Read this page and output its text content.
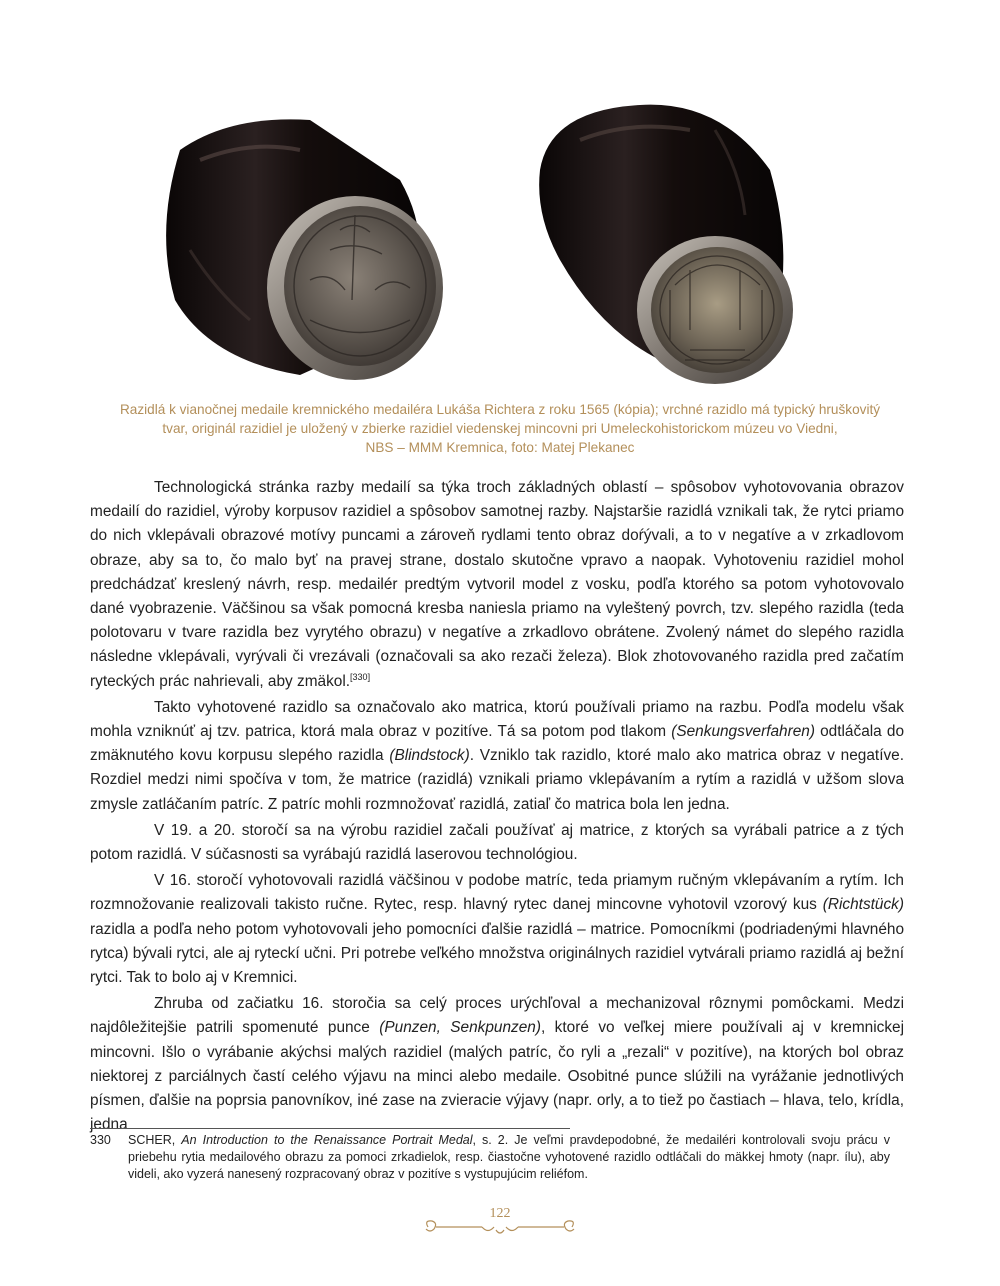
Razidlá k vianočnej medaile kremnického medailéra Lukáša Richtera z roku 1565 (kópia); vrchné razidlo má typický hruškovitý
tvar, originál razidiel je uložený v zbierke razidiel viedenskej mincovni pri Umeleckohistorickom múzeu vo Viedni,
NBS – MMM Kremnica, foto: Matej Plekanec

Technologická stránka razby medailí sa týka troch základných oblastí – spôsobov vyhotovovania obrazov medailí do razidiel, výroby korpusov razidiel a spôsobov samotnej razby. Najstaršie razidlá vznikali tak, že rytci priamo do nich vklepávali obrazové motívy puncami a zároveň rydlami tento obraz doŕývali, a to v negatíve a v zrkadlovom obraze, aby sa to, čo malo byť na pravej strane, dostalo skutočne vpravo a naopak. Vyhotoveniu razidiel mohol predchádzať kreslený návrh, resp. medailér predtým vytvoril model z vosku, podľa ktorého sa potom vyhotovovalo dané vyobrazenie. Väčšinou sa však pomocná kresba naniesla priamo na vyleštený povrch, tzv. slepého razidla (teda polotovaru v tvare razidla bez vyrytého obrazu) v negatíve a zrkadlovo obrátene. Zvolený námet do slepého razidla následne vklepávali, vyrývali či vrezávali (označovali sa ako rezači železa). Blok zhotovovaného razidla pred začatím ryteckých prác nahrievali, aby zmäkol.[330]

Takto vyhotovené razidlo sa označovalo ako matrica, ktorú používali priamo na razbu. Podľa modelu však mohla vzniknúť aj tzv. patrica, ktorá mala obraz v pozitíve. Tá sa potom pod tlakom (Senkungsverfahren) odtláčala do zmäknutého kovu korpusu slepého razidla (Blindstock). Vzniklo tak razidlo, ktoré malo ako matrica obraz v negatíve. Rozdiel medzi nimi spočíva v tom, že matrice (razidlá) vznikali priamo vklepávaním a rytím a razidlá v užšom slova zmysle zatláčaním patríc. Z patríc mohli rozmnožovať razidlá, zatiaľ čo matrica bola len jedna.

V 19. a 20. storočí sa na výrobu razidiel začali používať aj matrice, z ktorých sa vyrábali patrice a z tých potom razidlá. V súčasnosti sa vyrábajú razidlá laserovou technológiou.

V 16. storočí vyhotovovali razidlá väčšinou v podobe matríc, teda priamym ručným vklepávaním a rytím. Ich rozmnožovanie realizovali takisto ručne. Rytec, resp. hlavný rytec danej mincovne vyhotovil vzorový kus (Richtstück) razidla a podľa neho potom vyhotovovali jeho pomocníci ďalšie razidlá – matrice. Pomocníkmi (podriadenými hlavného rytca) bývali rytci, ale aj ryteckí učni. Pri potrebe veľkého množstva originálnych razidiel vytvárali priamo razidlá aj bežní rytci. Tak to bolo aj v Kremnici.

Zhruba od začiatku 16. storočia sa celý proces urýchľoval a mechanizoval rôznymi pomôckami. Medzi najdôležitejšie patrili spomenuté punce (Punzen, Senkpunzen), ktoré vo veľkej miere používali aj v kremnickej mincovni. Išlo o vyrábanie akýchsi malých razidiel (malých patríc, čo ryli a „rezali“ v pozitíve), na ktorých bol obraz niektorej z parciálnych častí celého výjavu na minci alebo medaile. Osobitné punce slúžili na vyrážanie jednotlivých písmen, ďalšie na poprsia panovníkov, iné zase na zvieracie výjavy (napr. orly, a to tiež po častiach – hlava, telo, krídla, jedna

330 SCHER, An Introduction to the Renaissance Portrait Medal, s. 2. Je veľmi pravdepodobné, že medailéri kontrolovali svoju prácu v priebehu rytia medailového obrazu za pomoci zrkadielok, resp. čiastočne vyhotovené razidlo odtláčali do mäkkej hmoty (napr. ílu), aby videli, ako vyzerá nanesený rozpracovaný obraz v pozitíve s vystupujúcim reliéfom.
122
